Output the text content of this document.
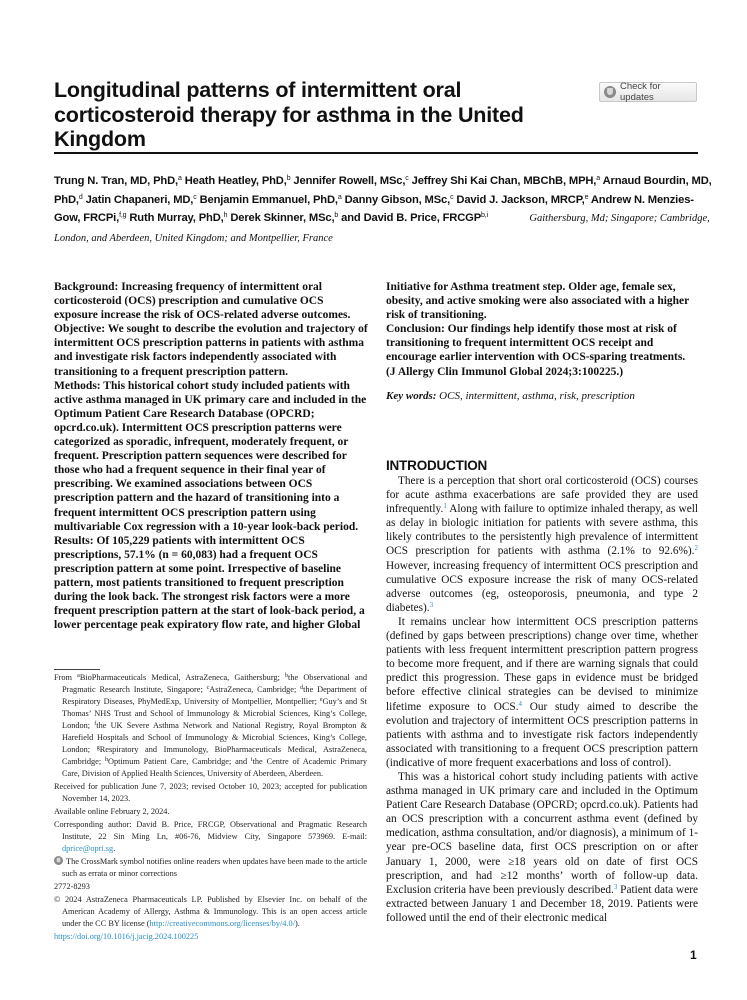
Longitudinal patterns of intermittent oral corticosteroid therapy for asthma in the United Kingdom
Check for updates
Trung N. Tran, MD, PhD,$^a$ Heath Heatley, PhD,$^b$ Jennifer Rowell, MSc,$^c$ Jeffrey Shi Kai Chan, MBChB, MPH,$^a$ Arnaud Bourdin, MD, PhD,$^d$ Jatin Chapaneri, MD,$^c$ Benjamin Emmanuel, PhD,$^a$ Danny Gibson, MSc,$^c$ David J. Jackson, MRCP,$^e$ Andrew N. Menzies-Gow, FRCPi,$^{f,g}$ Ruth Murray, PhD,$^h$ Derek Skinner, MSc,$^b$ and David B. Price, FRCGP$^{b,i}$	Gaithersburg, Md; Singapore; Cambridge, London, and Aberdeen, United Kingdom; and Montpellier, France

Background: Increasing frequency of intermittent oral corticosteroid (OCS) prescription and cumulative OCS exposure increase the risk of OCS-related adverse outcomes.

Objective: We sought to describe the evolution and trajectory of intermittent OCS prescription patterns in patients with asthma and investigate risk factors independently associated with transitioning to a frequent prescription pattern.

Methods: This historical cohort study included patients with active asthma managed in UK primary care and included in the Optimum Patient Care Research Database (OPCRD; opcrd.co.uk). Intermittent OCS prescription patterns were categorized as sporadic, infrequent, moderately frequent, or frequent. Prescription pattern sequences were described for those who had a frequent sequence in their final year of prescribing. We examined associations between OCS prescription pattern and the hazard of transitioning into a frequent intermittent OCS prescription pattern using multivariable Cox regression with a 10-year look-back period.

Results: Of 105,229 patients with intermittent OCS prescriptions, 57.1% (n = 60,083) had a frequent OCS prescription pattern at some point. Irrespective of baseline pattern, most patients transitioned to frequent prescription during the look back. The strongest risk factors were a more frequent prescription pattern at the start of look-back period, a lower percentage peak expiratory flow rate, and higher Global

Initiative for Asthma treatment step. Older age, female sex, obesity, and active smoking were also associated with a higher risk of transitioning.

Conclusion: Our findings help identify those most at risk of transitioning to frequent intermittent OCS receipt and encourage earlier intervention with OCS-sparing treatments.

(J Allergy Clin Immunol Global 2024;3:100225.)

Key words: OCS, intermittent, asthma, risk, prescription
INTRODUCTION

There is a perception that short oral corticosteroid (OCS) courses for acute asthma exacerbations are safe provided they are used infrequently.$^1$ Along with failure to optimize inhaled therapy, as well as delay in biologic initiation for patients with severe asthma, this likely contributes to the persistently high prevalence of intermittent OCS prescription for patients with asthma (2.1% to 92.6%).$^2$ However, increasing frequency of intermittent OCS prescription and cumulative OCS exposure increase the risk of many OCS-related adverse outcomes (eg, osteoporosis, pneumonia, and type 2 diabetes).$^3$

It remains unclear how intermittent OCS prescription patterns (defined by gaps between prescriptions) change over time, whether patients with less frequent intermittent prescription pattern progress to become more frequent, and if there are warning signals that could predict this progression. These gaps in evidence must be bridged before effective clinical strategies can be devised to minimize lifetime exposure to OCS.$^4$ Our study aimed to describe the evolution and trajectory of intermittent OCS prescription patterns in patients with asthma and to investigate risk factors independently associated with transitioning to a frequent OCS prescription pattern (indicative of more frequent exacerbations and loss of control).

This was a historical cohort study including patients with active asthma managed in UK primary care and included in the Optimum Patient Care Research Database (OPCRD; opcrd.co.uk). Patients had an OCS prescription with a concurrent asthma event (defined by medication, asthma consultation, and/or diagnosis), a minimum of 1-year pre-OCS baseline data, first OCS prescription on or after January 1, 2000, were ≥18 years old on date of first OCS prescription, and had ≥12 months’ worth of follow-up data. Exclusion criteria have been previously described.$^3$ Patient data were extracted between January 1 and December 18, 2019. Patients were followed until the end of their electronic medical

From $^a$BioPharmaceuticals Medical, AstraZeneca, Gaithersburg; $^b$the Observational and Pragmatic Research Institute, Singapore; $^c$AstraZeneca, Cambridge; $^d$the Department of Respiratory Diseases, PhyMedExp, University of Montpellier, Montpellier; $^e$Guy’s and St Thomas’ NHS Trust and School of Immunology & Microbial Sciences, King’s College, London; $^f$the UK Severe Asthma Network and National Registry, Royal Brompton & Harefield Hospitals and School of Immunology & Microbial Sciences, King’s College, London; $^g$Respiratory and Immunology, BioPharmaceuticals Medical, AstraZeneca, Cambridge; $^h$Optimum Patient Care, Cambridge; and $^i$the Centre of Academic Primary Care, Division of Applied Health Sciences, University of Aberdeen, Aberdeen.

Received for publication June 7, 2023; revised October 10, 2023; accepted for publication November 14, 2023.

Available online February 2, 2024.

Corresponding author: David B. Price, FRCGP, Observational and Pragmatic Research Institute, 22 Sin Ming Ln, #06-76, Midview City, Singapore 573969. E-mail: dprice@opri.sg.

The CrossMark symbol notifies online readers when updates have been made to the article such as errata or minor corrections

2772-8293

© 2024 AstraZeneca Pharmaceuticals LP. Published by Elsevier Inc. on behalf of the American Academy of Allergy, Asthma & Immunology. This is an open access article under the CC BY license (http://creativecommons.org/licenses/by/4.0/).

https://doi.org/10.1016/j.jacig.2024.100225

1
